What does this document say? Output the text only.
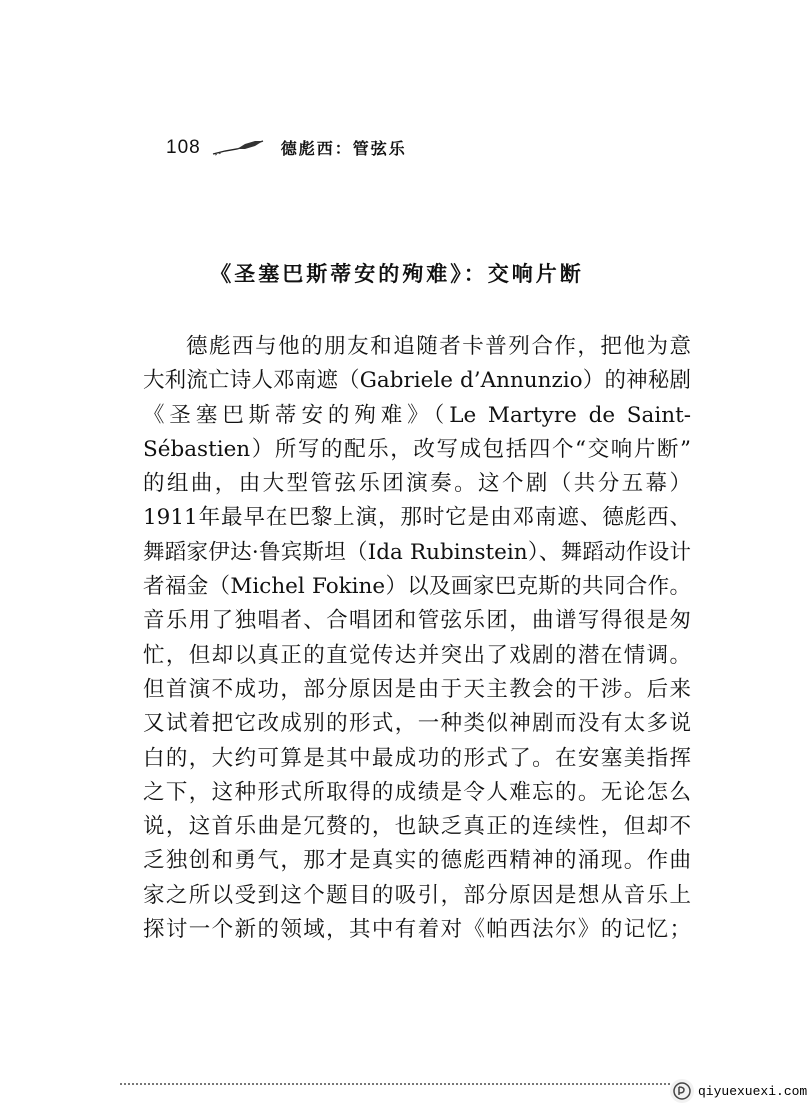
108	德彪西：管弦乐
《圣塞巴斯蒂安的殉难》：交响片断
德彪西与他的朋友和追随者卡普列合作，把他为意
大利流亡诗人邓南遮（Gabriele d’Annunzio）的神秘剧
《圣塞巴斯蒂安的殉难》（Le Martyre de Saint-
Sébastien）所写的配乐，改写成包括四个“交响片断”
的组曲，由大型管弦乐团演奏。这个剧（共分五幕）
1911年最早在巴黎上演，那时它是由邓南遮、德彪西、
舞蹈家伊达·鲁宾斯坦（Ida Rubinstein）、舞蹈动作设计
者福金（Michel Fokine）以及画家巴克斯的共同合作。
音乐用了独唱者、合唱团和管弦乐团，曲谱写得很是匆
忙，但却以真正的直觉传达并突出了戏剧的潜在情调。
但首演不成功，部分原因是由于天主教会的干涉。后来
又试着把它改成别的形式，一种类似神剧而没有太多说
白的，大约可算是其中最成功的形式了。在安塞美指挥
之下，这种形式所取得的成绩是令人难忘的。无论怎么
说，这首乐曲是冗赘的，也缺乏真正的连续性，但却不
乏独创和勇气，那才是真实的德彪西精神的涌现。作曲
家之所以受到这个题目的吸引，部分原因是想从音乐上
探讨一个新的领域，其中有着对《帕西法尔》的记忆；
qiyuexuexi.com
